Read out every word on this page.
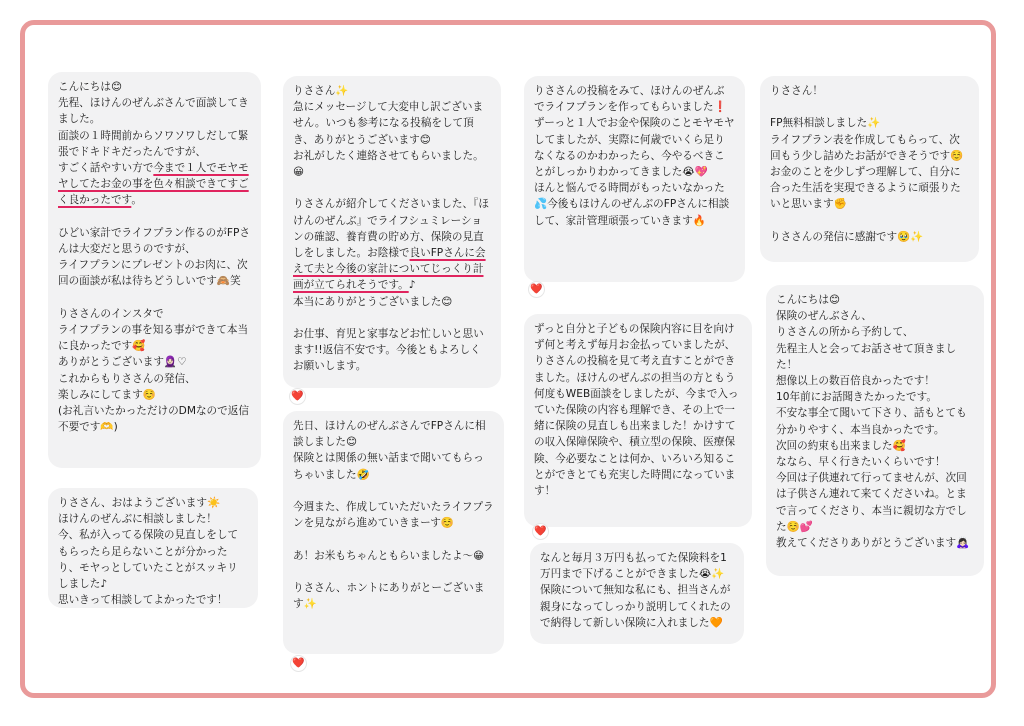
こんにちは😊
先程、ほけんのぜんぶさんで面談してきました。
面談の１時間前からソワソワしだして緊張でドキドキだったんですが、
すごく話やすい方で今まで１人でモヤモヤしてたお金の事を色々相談できてすごく良かったです。

ひどい家計でライフプラン作るのがFPさんは大変だと思うのですが、
ライフプランにプレゼントのお肉に、次回の面談が私は待ちどうしいです🙈笑

りささんのインスタで
ライフプランの事を知る事ができて本当に良かったです🥰
ありがとうございます🧕🏻♡
これからもりささんの発信、
楽しみにしてます☺️
(お礼言いたかっただけのDMなので返信不要です🫶)
りささん、おはようございます☀️
ほけんのぜんぶに相談しました！
今、私が入ってる保険の見直しをしてもらったら足らないことが分かったり、モヤっとしていたことがスッキリしました♪
思いきって相談してよかったです！
りささん✨
急にメッセージして大変申し訳ございません。いつも参考になる投稿をして頂き、ありがとうございます😊
お礼がしたく連絡させてもらいました。😀

りささんが紹介してくださいました、『ほけんのぜんぶ』でライフシュミレーションの確認、養育費の貯め方、保険の見直しをしました。お陰様で良いFPさんに会えて夫と今後の家計についてじっくり計画が立てられそうです。♪
本当にありがとうございました😊

お仕事、育児と家事などお忙しいと思います!!返信不安です。今後ともよろしくお願いします。
❤️
先日、ほけんのぜんぶさんでFPさんに相談しました😊
保険とは関係の無い話まで聞いてもらっちゃいました🤣

今週また、作成していただいたライフプランを見ながら進めていきまーす☺️

あ！お米もちゃんともらいましたよ〜😁

りささん、ホントにありがとーございます✨
❤️
りささんの投稿をみて、ほけんのぜんぶでライフプランを作ってもらいました❗️
ずーっと１人でお金や保険のことモヤモヤしてましたが、実際に何歳でいくら足りなくなるのかわかったら、今やるべきことがしっかりわかってきました😭💖
ほんと悩んでる時間がもったいなかった💦今後もほけんのぜんぶのFPさんに相談して、家計管理頑張っていきます🔥
❤️
ずっと自分と子どもの保険内容に目を向けず何と考えず毎月お金払っていましたが、りささんの投稿を見て考え直すことができました。ほけんのぜんぶの担当の方ともう何度もWEB面談をしましたが、今まで入っていた保険の内容も理解でき、その上で一緒に保険の見直しも出来ました！かけすての収入保障保険や、積立型の保険、医療保険、今必要なことは何か、いろいろ知ることができとても充実した時間になっています！
❤️
なんと毎月３万円も払ってた保険料を1万円まで下げることができました😭✨保険について無知な私にも、担当さんが親身になってしっかり説明してくれたので納得して新しい保険に入れました🧡
りささん！

FP無料相談しました✨
ライフプラン表を作成してもらって、次回もう少し詰めたお話ができそうです☺️
お金のことを少しずつ理解して、自分に合った生活を実現できるように頑張りたいと思います✊

りささんの発信に感謝です🥹✨
こんにちは😊
保険のぜんぶさん、
りささんの所から予約して、
先程主人と会ってお話させて頂きました！
想像以上の数百倍良かったです！
10年前にお話聞きたかったです。
不安な事全て聞いて下さり、話もとても分かりやすく、本当良かったです。
次回の約束も出来ました🥰
ななら、早く行きたいくらいです！
今回は子供連れて行ってませんが、次回は子供さん連れて来てくださいね。とまで言ってくださり、本当に親切な方でした☺️💕
教えてくださりありがとうございます🙇🏻‍♀️
